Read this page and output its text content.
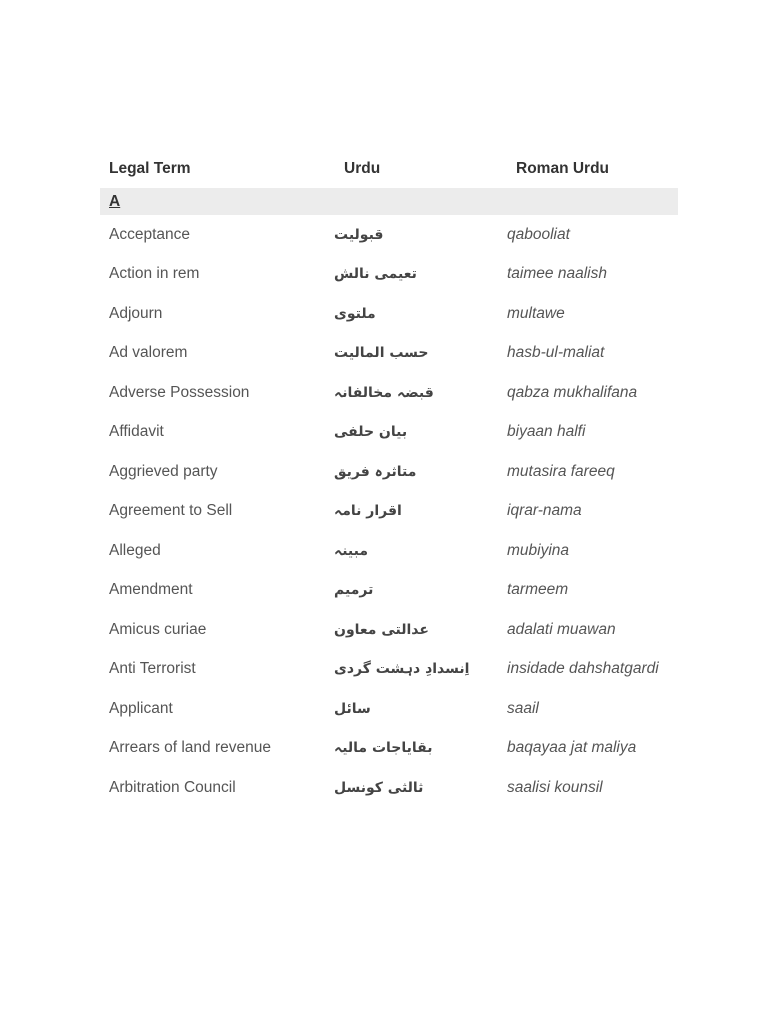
Legal Term	Urdu	Roman Urdu
A
Acceptance	قبولیت	qabooliat
Action in rem	تعیمی نالش	taimee naalish
Adjourn	ملتوی	multawe
Ad valorem	حسب المالیت	hasb-ul-maliat
Adverse Possession	قبضہ مخالفانہ	qabza mukhalifana
Affidavit	بیان حلفی	biyaan halfi
Aggrieved party	متاثرہ فریق	mutasira fareeq
Agreement to Sell	اقرار نامہ	iqrar-nama
Alleged	مبینہ	mubiyina
Amendment	ترمیم	tarmeem
Amicus curiae	عدالتی معاون	adalati muawan
Anti Terrorist	اِنسدادِ دہشت گردی insidade dahshatgardi
Applicant	سائل	saail
Arrears of land revenue	بقایاجات مالیہ	baqayaa jat maliya
Arbitration Council	ثالثی کونسل	saalisi kounsil
